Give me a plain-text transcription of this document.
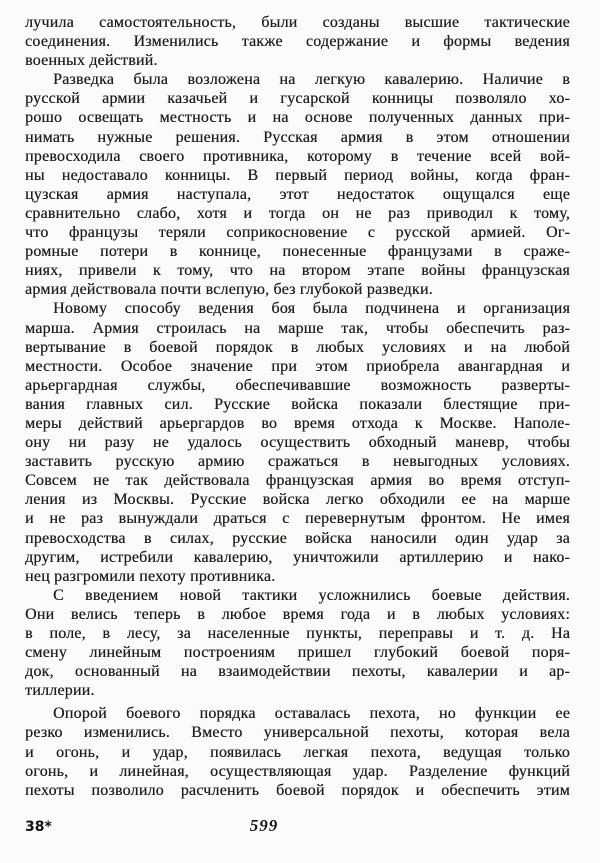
лучила самостоятельность, были созданы высшие тактические
соединения. Изменились также содержание и формы ведения
военных действий.
Разведка была возложена на легкую кавалерию. Наличие в
русской армии казачьей и гусарской конницы позволяло хо-
рошо освещать местность и на основе полученных данных при-
нимать нужные решения. Русская армия в этом отношении
превосходила своего противника, которому в течение всей вой-
ны недоставало конницы. В первый период войны, когда фран-
цузская армия наступала, этот недостаток ощущался еще
сравнительно слабо, хотя и тогда он не раз приводил к тому,
что французы теряли соприкосновение с русской армией. Ог-
ромные потери в коннице, понесенные французами в сраже-
ниях, привели к тому, что на втором этапе войны французская
армия действовала почти вслепую, без глубокой разведки.
Новому способу ведения боя была подчинена и организация
марша. Армия строилась на марше так, чтобы обеспечить раз-
вертывание в боевой порядок в любых условиях и на любой
местности. Особое значение при этом приобрела авангардная и
арьергардная службы, обеспечивавшие возможность разверты-
вания главных сил. Русские войска показали блестящие при-
меры действий арьергардов во время отхода к Москве. Наполе-
ону ни разу не удалось осуществить обходный маневр, чтобы
заставить русскую армию сражаться в невыгодных условиях.
Совсем не так действовала французская армия во время отступ-
ления из Москвы. Русские войска легко обходили ее на марше
и не раз вынуждали драться с перевернутым фронтом. Не имея
превосходства в силах, русские войска наносили один удар за
другим, истребили кавалерию, уничтожили артиллерию и нако-
нец разгромили пехоту противника.
С введением новой тактики усложнились боевые действия.
Они велись теперь в любое время года и в любых условиях:
в поле, в лесу, за населенные пункты, переправы и т. д. На
смену линейным построениям пришел глубокий боевой поря-
док, основанный на взаимодействии пехоты, кавалерии и ар-
тиллерии.
Опорой боевого порядка оставалась пехота, но функции ее
резко изменились. Вместо универсальной пехоты, которая вела
и огонь, и удар, появилась легкая пехота, ведущая только
огонь, и линейная, осуществляющая удар. Разделение функций
пехоты позволило расчленить боевой порядок и обеспечить этим
38*	599
